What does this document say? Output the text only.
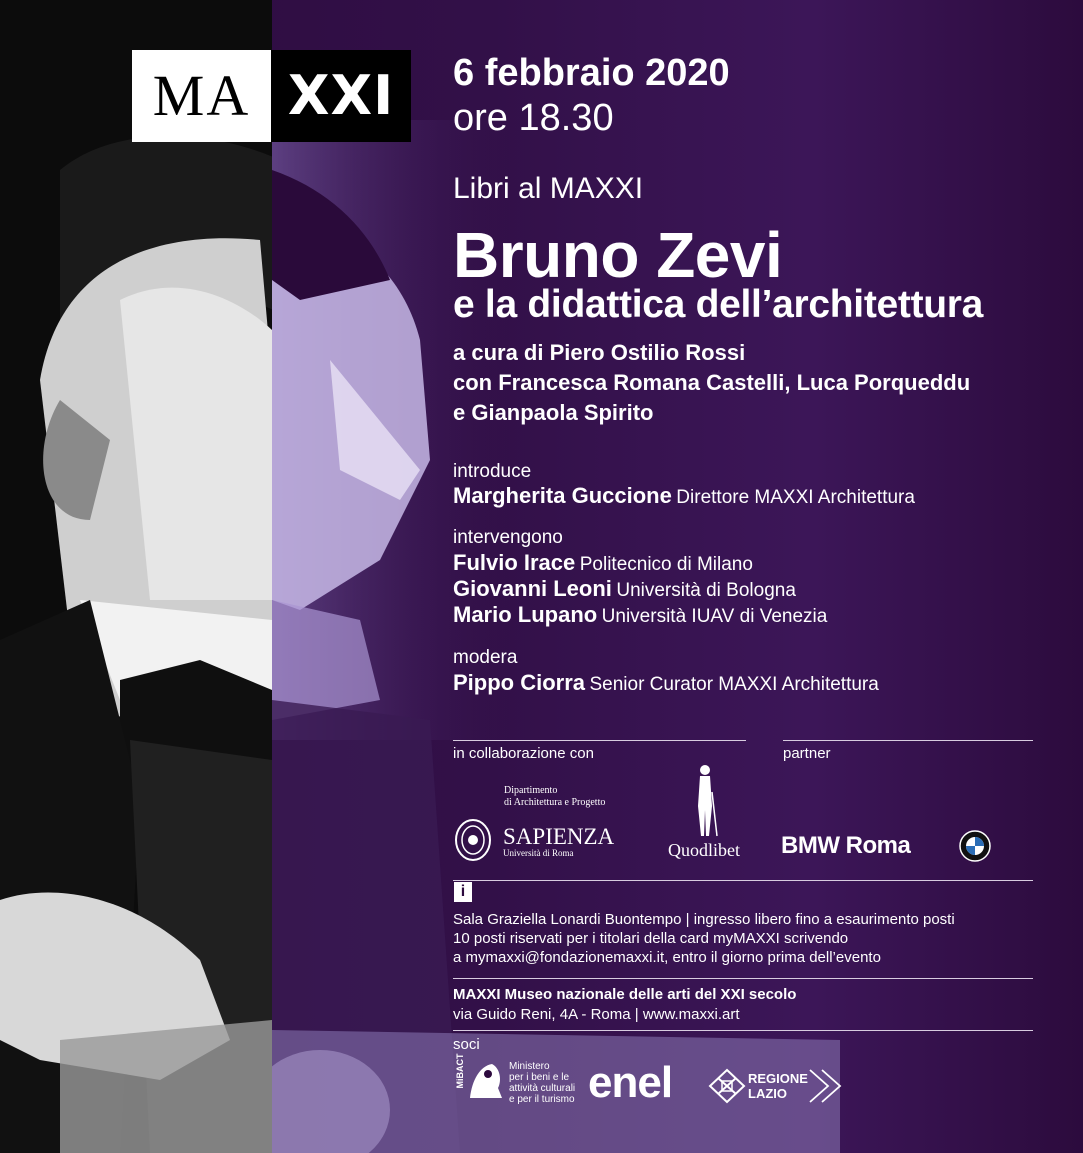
MA XXI	6 febbraio 2020
ore 18.30
Libri al MAXXI
Bruno Zevi
e la didattica dell’architettura
a cura di Piero Ostilio Rossi
con Francesca Romana Castelli, Luca Porqueddu
e Gianpaola Spirito
introduce
Margherita Guccione Direttore MAXXI Architettura
intervengono
Fulvio Irace Politecnico di Milano
Giovanni Leoni Università di Bologna
Mario Lupano Università IUAV di Venezia
modera
Pippo Ciorra Senior Curator MAXXI Architettura
in collaborazione con	partner
Dipartimento
di Architettura e Progetto
SAPIENZA
Università di Roma	Quodlibet BMW Roma
i
Sala Graziella Lonardi Buontempo | ingresso libero fino a esaurimento posti
10 posti riservati per i titolari della card myMAXXI scrivendo
a mymaxxi@fondazionemaxxi.it, entro il giorno prima dell’evento
MAXXI Museo nazionale delle arti del XXI secolo
via Guido Reni, 4A - Roma | www.maxxi.art
soci
MiBACT	Ministero
per i beni e le
attività culturali
e per il turismo enel	REGIONE
LAZIO
